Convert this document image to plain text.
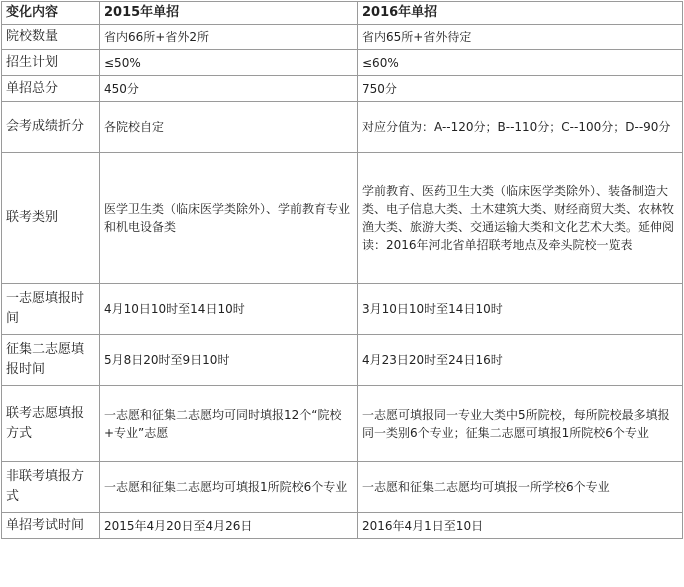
变化内容	2015年单招	2016年单招
院校数量	省内66所+省外2所	省内65所+省外待定
招生计划	≤50%	≤60%
单招总分	450分	750分
会考成绩折分	各院校自定	对应分值为：A--120分；B--110分；C--100分；D--90分
联考类别	医学卫生类（临床医学类除外）、学前教育专业和机电设备类	学前教育、医药卫生大类（临床医学类除外）、装备制造大类、电子信息大类、土木建筑大类、财经商贸大类、农林牧渔大类、旅游大类、交通运输大类和文化艺术大类。延伸阅读：2016年河北省单招联考地点及牵头院校一览表
一志愿填报时间	4月10日10时至14日10时	3月10日10时至14日10时
征集二志愿填报时间	5月8日20时至9日10时	4月23日20时至24日16时
联考志愿填报方式	一志愿和征集二志愿均可同时填报12个“院校+专业”志愿	一志愿可填报同一专业大类中5所院校，每所院校最多填报同一类别6个专业；征集二志愿可填报1所院校6个专业
非联考填报方式	一志愿和征集二志愿均可填报1所院校6个专业	一志愿和征集二志愿均可填报一所学校6个专业
单招考试时间	2015年4月20日至4月26日	2016年4月1日至10日
